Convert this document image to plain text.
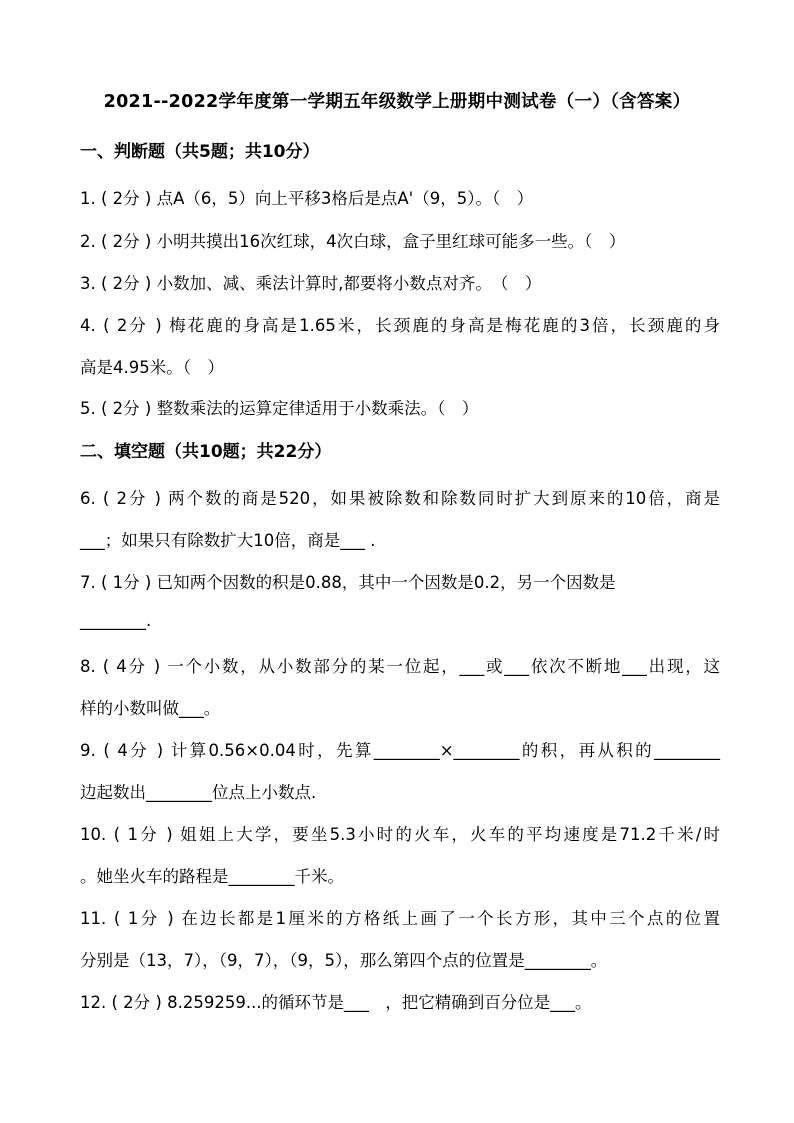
2021--2022学年度第一学期五年级数学上册期中测试卷（一）（含答案）
一、判断题（共5题；共10分）
1. ( 2分 ) 点A（6，5）向上平移3格后是点A'（9，5）。（　）
2. ( 2分 ) 小明共摸出16次红球，4次白球，盒子里红球可能多一些。（　）
3. ( 2分 ) 小数加、减、乘法计算时,都要将小数点对齐。　（　）
4. ( 2分 ) 梅花鹿的身高是1.65米，长颈鹿的身高是梅花鹿的3倍，长颈鹿的身
高是4.95米。（　）
5. ( 2分 ) 整数乘法的运算定律适用于小数乘法。（　）
二、填空题（共10题；共22分）
6. ( 2分 ) 两个数的商是520，如果被除数和除数同时扩大到原来的10倍，商是
___；如果只有除数扩大10倍，商是___ .
7. ( 1分 ) 已知两个因数的积是0.88，其中一个因数是0.2，另一个因数是
________.
8. ( 4分 ) 一个小数，从小数部分的某一位起，___或___依次不断地___出现，这
样的小数叫做___。
9. ( 4分 ) 计算0.56×0.04时，先算________×________的积，再从积的________
边起数出________位点上小数点.
10. ( 1分 ) 姐姐上大学，要坐5.3小时的火车，火车的平均速度是71.2千米/时
。她坐火车的路程是________千米。
11. ( 1分 ) 在边长都是1厘米的方格纸上画了一个长方形，其中三个点的位置
分别是（13，7），（9，7），（9，5），那么第四个点的位置是________。
12. ( 2分 ) 8.259259...的循环节是___　，把它精确到百分位是___。
